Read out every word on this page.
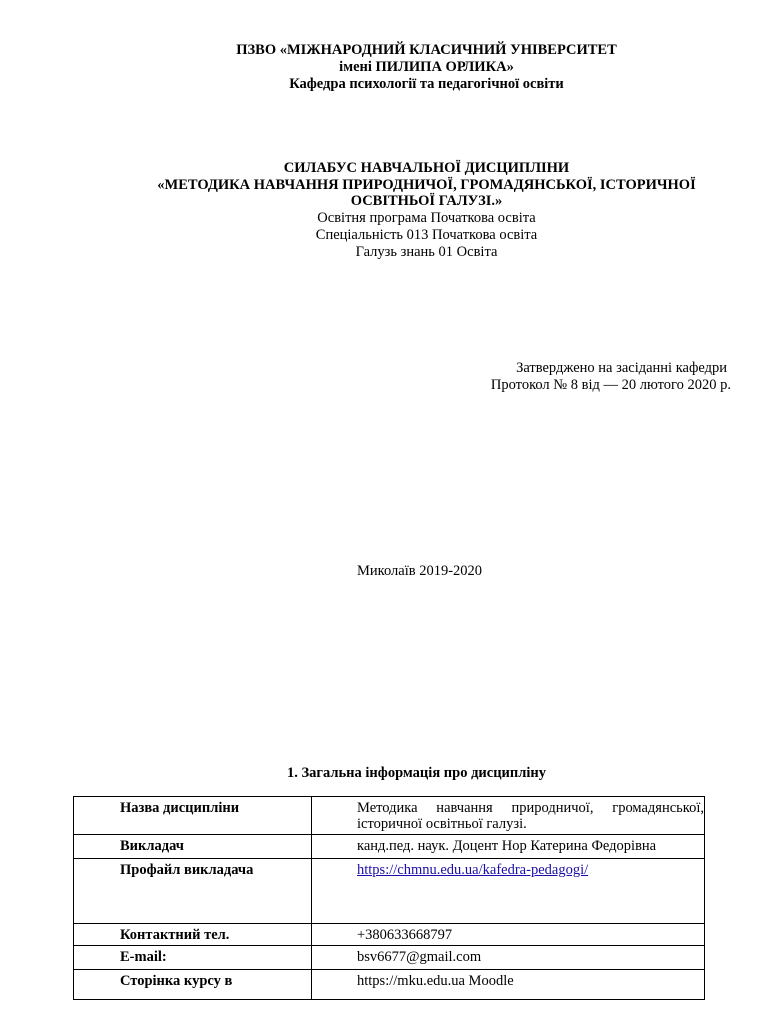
ПЗВО «МІЖНАРОДНИЙ КЛАСИЧНИЙ УНІВЕРСИТЕТ
імені ПИЛИПА ОРЛИКА»
Кафедра психології та педагогічної освіти
СИЛАБУС НАВЧАЛЬНОЇ ДИСЦИПЛІНИ
«МЕТОДИКА НАВЧАННЯ ПРИРОДНИЧОЇ, ГРОМАДЯНСЬКОЇ, ІСТОРИЧНОЇ
ОСВІТНЬОЇ ГАЛУЗІ.»
Освітня програма Початкова освіта
Спеціальність 013 Початкова освіта
Галузь знань 01 Освіта
Затверджено на засіданні кафедри
Протокол № 8 від — 20 лютого 2020 р.
Миколаїв 2019-2020
1. Загальна інформація про дисципліну
Назва дисципліни	Методика навчання природничої, громадянської,
історичної освітньої галузі.

Викладач	канд.пед. наук. Доцент Нор Катерина Федорівна
Профайл викладача	https://chmnu.edu.ua/kafedra-pedagogi/
Контактний тел.	+380633668797
E-mail:	bsv6677@gmail.com
Сторінка курсу в	https://mku.edu.ua Moodle
